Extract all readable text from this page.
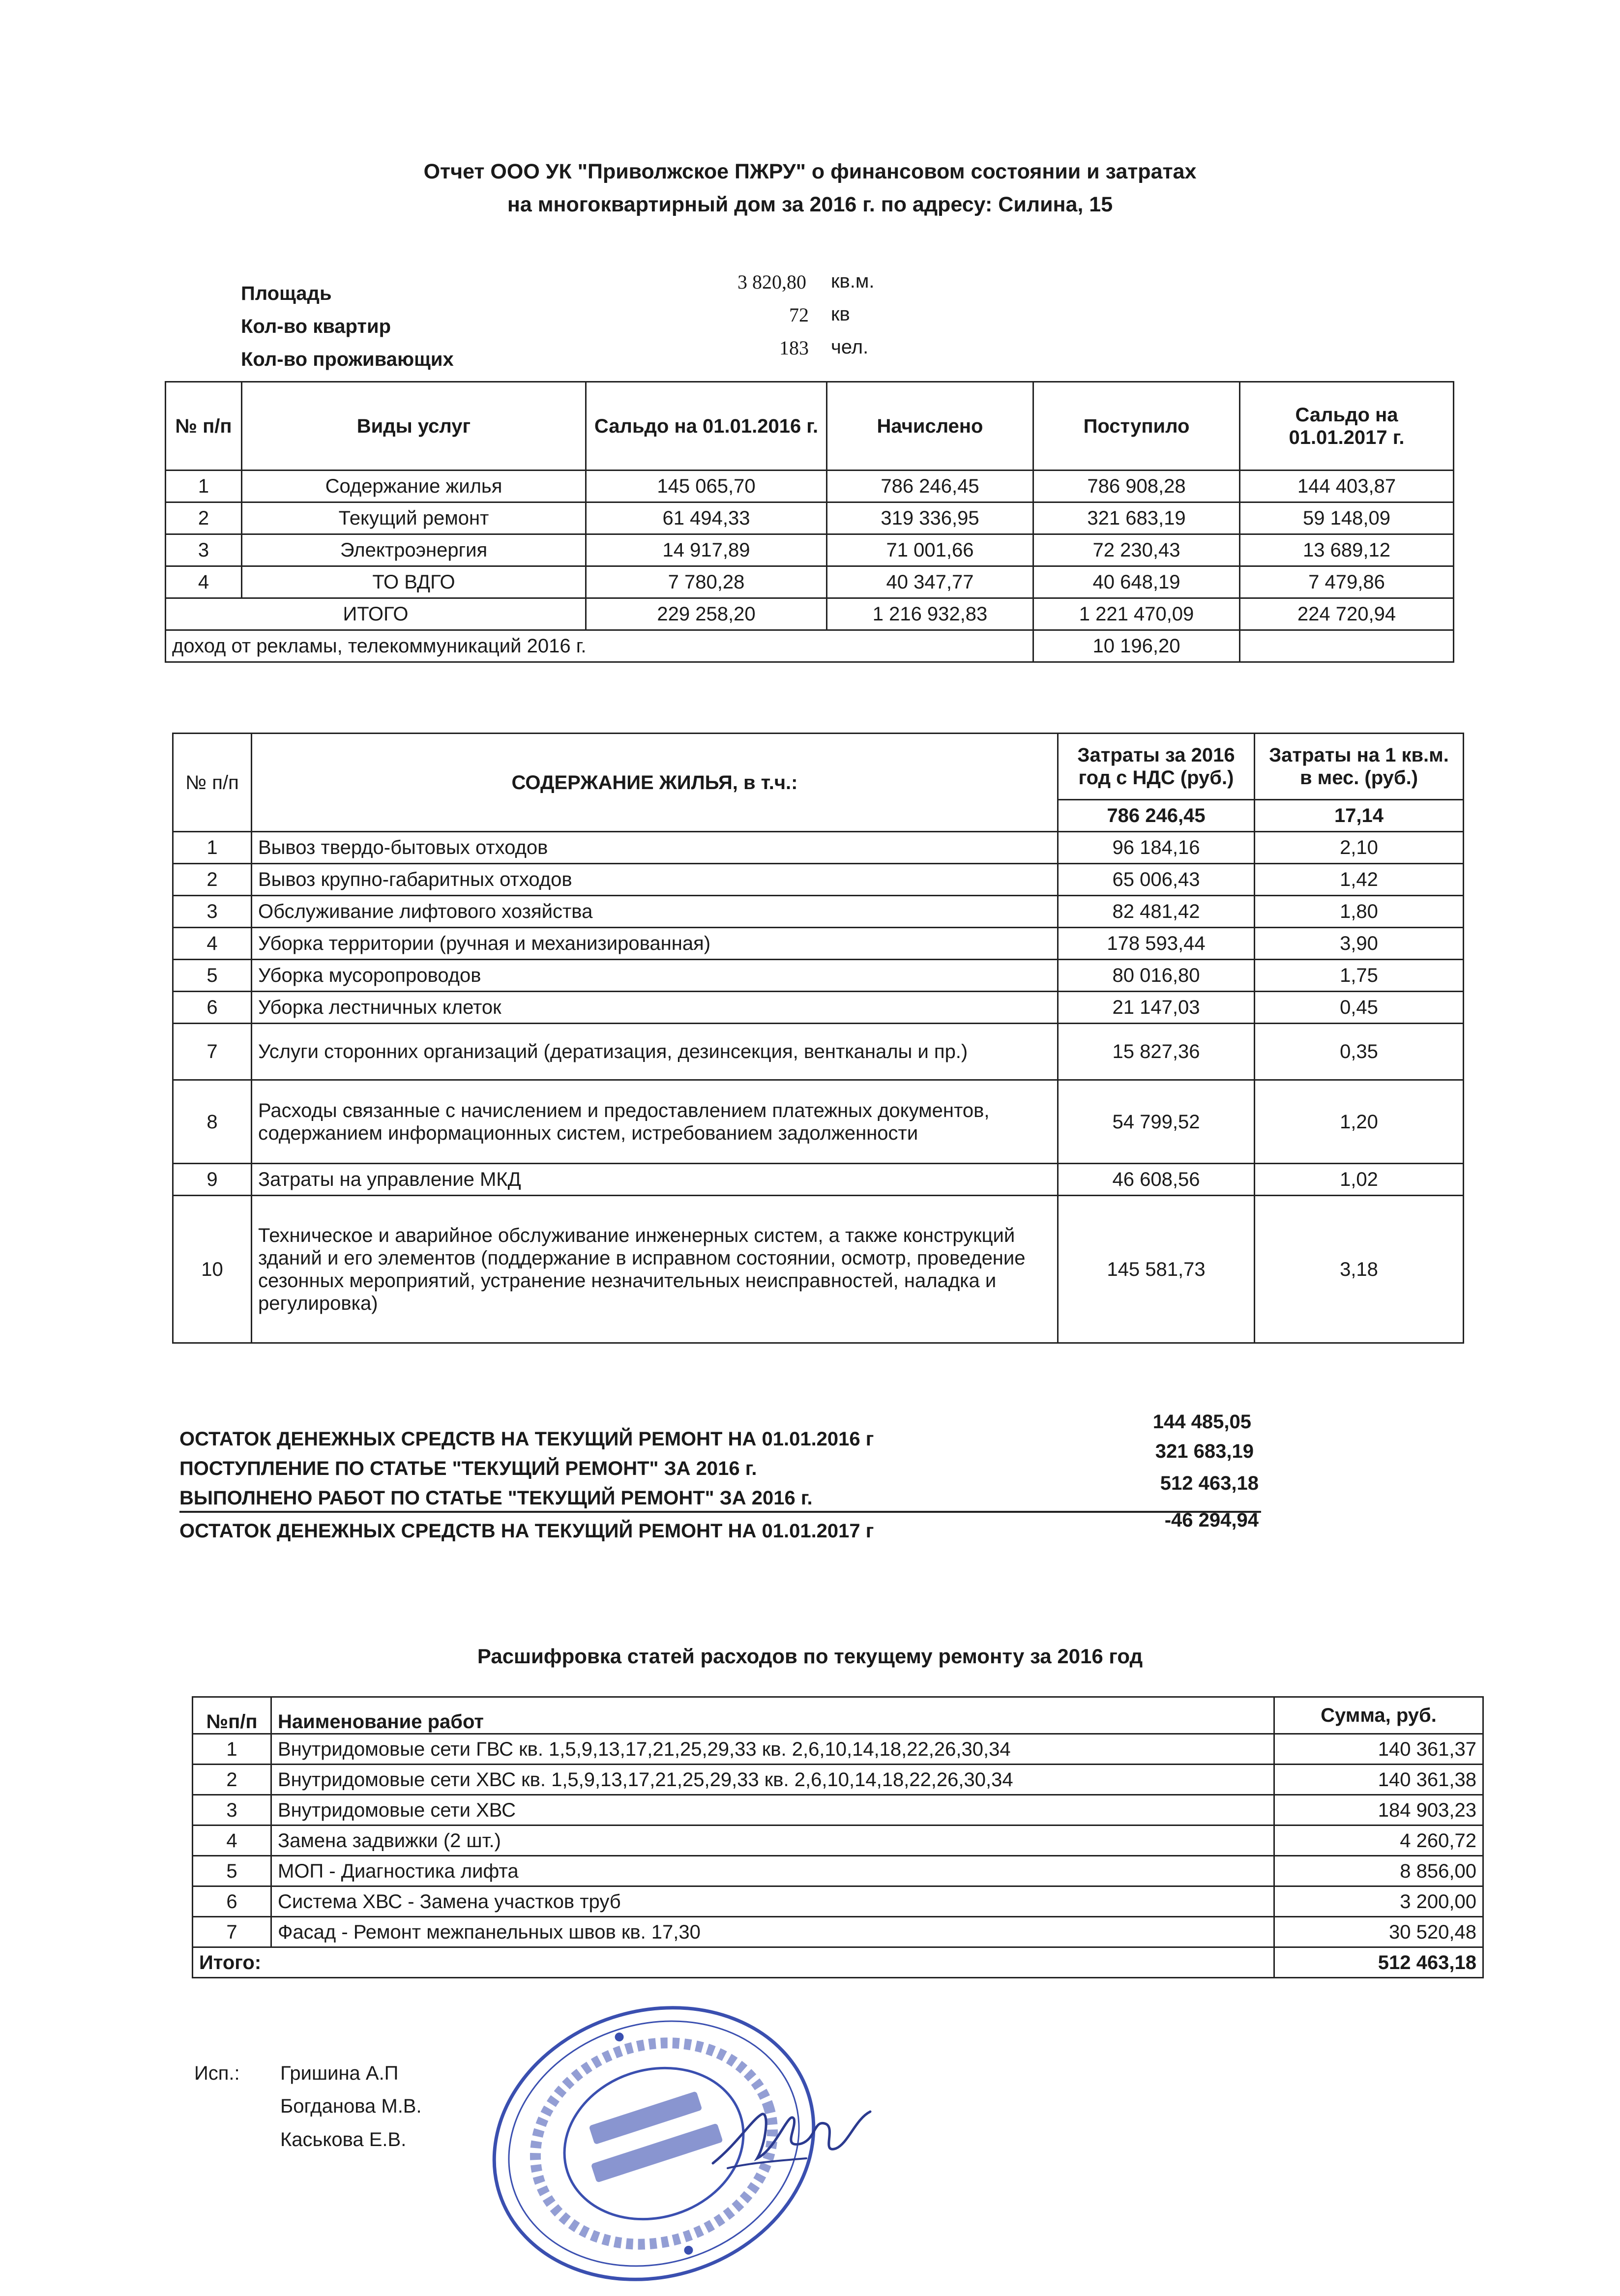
Отчет ООО УК "Приволжское ПЖРУ" о финансовом состоянии и затратах
на многоквартирный дом за 2016 г. по адресу: Силина, 15
Площадь
3 820,80 кв.м.
Кол-во квартир
72 кв
Кол-во проживающих
183 чел.
№ п/п	Виды услуг	Сальдо на 01.01.2016 г.	Начислено	Поступило	Сальдо на 01.01.2017 г.
1	Содержание жилья	145 065,70	786 246,45	786 908,28	144 403,87
2	Текущий ремонт	61 494,33	319 336,95	321 683,19	59 148,09
3	Электроэнергия	14 917,89	71 001,66	72 230,43	13 689,12
4	ТО ВДГО	7 780,28	40 347,77	40 648,19	7 479,86
ИТОГО		229 258,20	1 216 932,83	1 221 470,09	224 720,94
доход от рекламы, телекоммуникаций 2016 г.				10 196,20	
№ п/п	СОДЕРЖАНИЕ ЖИЛЬЯ, в т.ч.:	Затраты за 2016 год с НДС (руб.)	Затраты на 1 кв.м. в мес. (руб.)
		786 246,45	17,14
1	Вывоз твердо-бытовых отходов	96 184,16	2,10
2	Вывоз крупно-габаритных отходов	65 006,43	1,42
3	Обслуживание лифтового хозяйства	82 481,42	1,80
4	Уборка территории (ручная и механизированная)	178 593,44	3,90
5	Уборка мусоропроводов	80 016,80	1,75
6	Уборка лестничных клеток	21 147,03	0,45
7	Услуги сторонних организаций (дератизация, дезинсекция, вентканалы и пр.)	15 827,36	0,35
8	Расходы связанные с начислением и предоставлением платежных документов, содержанием информационных систем, истребованием задолженности	54 799,52	1,20
9	Затраты на управление МКД	46 608,56	1,02
10	Техническое и аварийное обслуживание инженерных систем, а также конструкций зданий и его элементов (поддержание в исправном состоянии, осмотр, проведение сезонных мероприятий, устранение незначительных неисправностей, наладка и регулировка)	145 581,73	3,18
ОСТАТОК ДЕНЕЖНЫХ СРЕДСТВ НА ТЕКУЩИЙ РЕМОНТ НА 01.01.2016 г
144 485,05
ПОСТУПЛЕНИЕ ПО СТАТЬЕ "ТЕКУЩИЙ РЕМОНТ" ЗА 2016 г.
321 683,19
ВЫПОЛНЕНО РАБОТ ПО СТАТЬЕ "ТЕКУЩИЙ РЕМОНТ" ЗА 2016 г.
512 463,18
ОСТАТОК ДЕНЕЖНЫХ СРЕДСТВ НА ТЕКУЩИЙ РЕМОНТ НА 01.01.2017 г	-46 294,94
Расшифровка статей расходов по текущему ремонту за 2016 год
№п/п	Наименование работ	Сумма, руб.
1	Внутридомовые сети ГВС кв. 1,5,9,13,17,21,25,29,33 кв. 2,6,10,14,18,22,26,30,34	140 361,37
2	Внутридомовые сети ХВС кв. 1,5,9,13,17,21,25,29,33 кв. 2,6,10,14,18,22,26,30,34	140 361,38
3	Внутридомовые сети ХВС	184 903,23
4	Замена задвижки (2 шт.)	4 260,72
5	МОП - Диагностика лифта	8 856,00
6	Система ХВС - Замена участков труб	3 200,00
7	Фасад - Ремонт межпанельных швов кв. 17,30	30 520,48
Итого:		512 463,18
Исп.: Гришина А.П
Богданова М.В.
Каськова Е.В.
